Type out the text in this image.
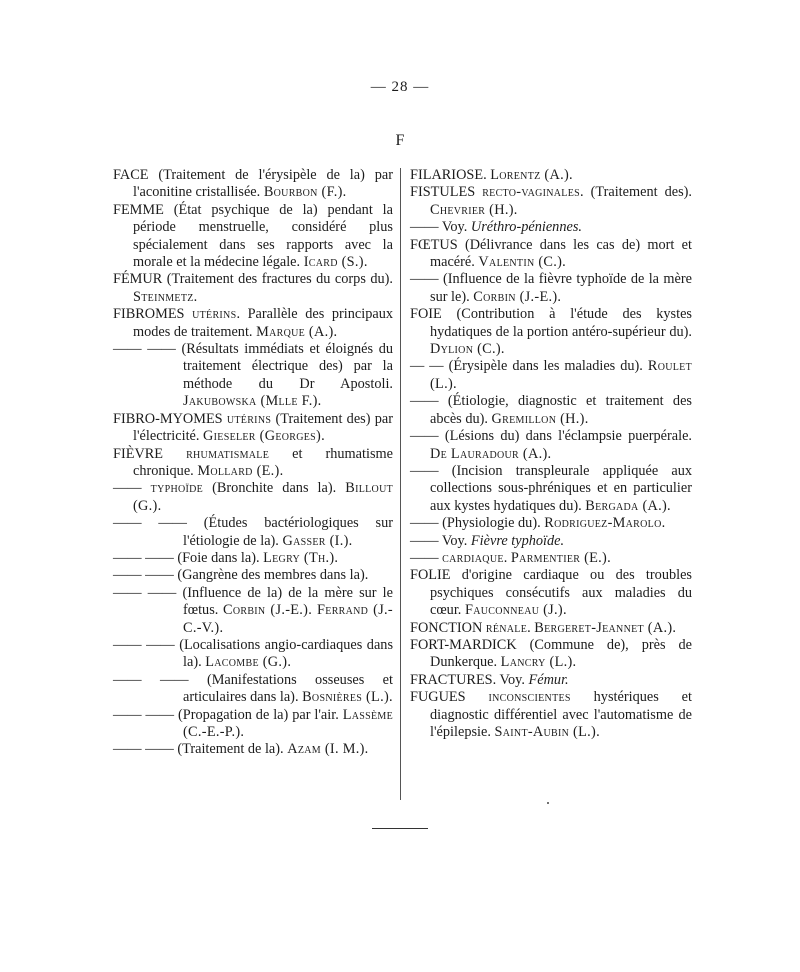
— 28 —
F
FACE (Traitement de l'érysipèle de la) par l'aconitine cristallisée. Bourbon (F.).
FEMME (État psychique de la) pendant la période menstruelle, considéré plus spécialement dans ses rapports avec la morale et la médecine légale. Icard (S.).
FÉMUR (Traitement des fractures du corps du). Steinmetz.
FIBROMES utérins. Parallèle des principaux modes de traitement. Marque (A.).
—— —— (Résultats immédiats et éloignés du traitement électrique des) par la méthode du Dr Apostoli. Jakubowska (Mlle F.).
FIBRO-MYOMES utérins (Traitement des) par l'électricité. Gieseler (Georges).
FIÈVRE rhumatismale et rhumatisme chronique. Mollard (E.).
—— typhoïde (Bronchite dans la). Billout (G.).
—— —— (Études bactériologiques sur l'étiologie de la). Gasser (I.).
—— —— (Foie dans la). Legry (Th.).
—— —— (Gangrène des membres dans la).
—— —— (Influence de la) de la mère sur le fœtus. Corbin (J.-E.). Ferrand (J.-C.-V.).
—— —— (Localisations angio-cardiaques dans la). Lacombe (G.).
—— —— (Manifestations osseuses et articulaires dans la). Bosnières (L.).
—— —— (Propagation de la) par l'air. Lassème (C.-E.-P.).
—— —— (Traitement de la). Azam (I. M.).
FILARIOSE. Lorentz (A.).
FISTULES recto-vaginales. (Traitement des). Chevrier (H.).
—— Voy. Uréthro-péniennes.
FŒTUS (Délivrance dans les cas de) mort et macéré. Valentin (C.).
—— (Influence de la fièvre typhoïde de la mère sur le). Corbin (J.-E.).
FOIE (Contribution à l'étude des kystes hydatiques de la portion antéro-supérieur du). Dylion (C.).
— — (Érysipèle dans les maladies du). Roulet (L.).
—— (Étiologie, diagnostic et traitement des abcès du). Gremillon (H.).
—— (Lésions du) dans l'éclampsie puerpérale. De Lauradour (A.).
—— (Incision transpleurale appliquée aux collections sous-phréniques et en particulier aux kystes hydatiques du). Bergada (A.).
—— (Physiologie du). Rodriguez-Marolo.
—— Voy. Fièvre typhoïde.
—— cardiaque. Parmentier (E.).
FOLIE d'origine cardiaque ou des troubles psychiques consécutifs aux maladies du cœur. Fauconneau (J.).
FONCTION rénale. Bergeret-Jeannet (A.).
FORT-MARDICK (Commune de), près de Dunkerque. Lancry (L.).
FRACTURES. Voy. Fémur.
FUGUES inconscientes hystériques et diagnostic différentiel avec l'automatisme de l'épilepsie. Saint-Aubin (L.).
